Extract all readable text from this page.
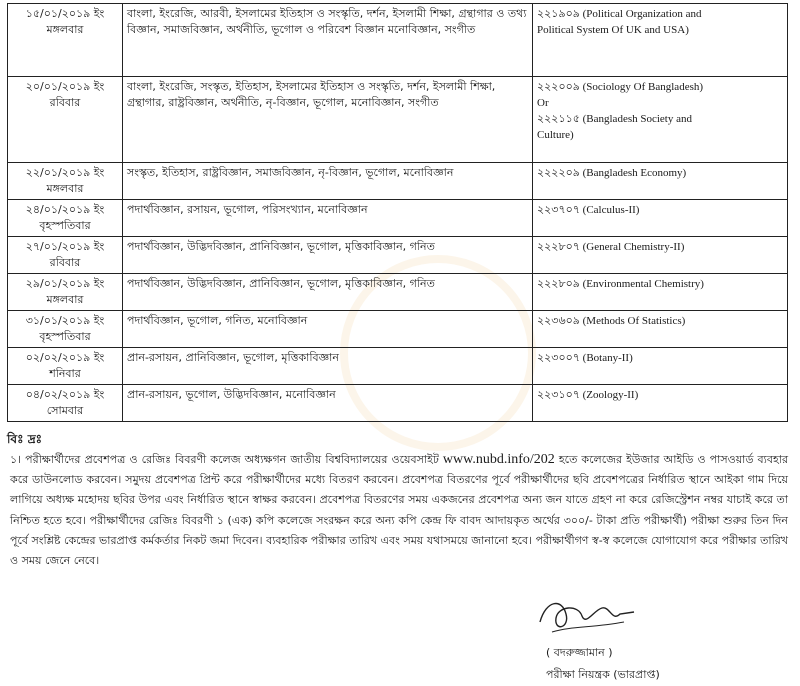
১৫/০১/২০১৯ ইং
মঙ্গলবার	বাংলা, ইংরেজি, আরবী, ইসলামের ইতিহাস ও সংস্কৃতি, দর্শন, ইসলামী শিক্ষা, গ্রন্থাগার ও তথ্য বিজ্ঞান, সমাজবিজ্ঞান, অর্থনীতি, ভূগোল ও পরিবেশ বিজ্ঞান মনোবিজ্ঞান, সংগীত	২২১৯০৯ (Political Organization and
Political System Of UK and USA)

২০/০১/২০১৯ ইং
রবিবার	বাংলা, ইংরেজি, সংস্কৃত, ইতিহাস, ইসলামের ইতিহাস ও সংস্কৃতি, দর্শন, ইসলামী শিক্ষা, গ্রন্থাগার, রাষ্ট্রবিজ্ঞান, অর্থনীতি, নৃ-বিজ্ঞান, ভূগোল, মনোবিজ্ঞান, সংগীত	২২২০০৯ (Sociology Of Bangladesh)
Or
২২২১১৫ (Bangladesh Society and
Culture)

২২/০১/২০১৯ ইং
মঙ্গলবার	সংস্কৃত, ইতিহাস, রাষ্ট্রবিজ্ঞান, সমাজবিজ্ঞান, নৃ-বিজ্ঞান, ভূগোল, মনোবিজ্ঞান	২২২২০৯ (Bangladesh Economy)

২৪/০১/২০১৯ ইং
বৃহস্পতিবার	পদার্থবিজ্ঞান, রসায়ন, ভূগোল, পরিসংখ্যান, মনোবিজ্ঞান	২২৩৭০৭ (Calculus-II)

২৭/০১/২০১৯ ইং
রবিবার	পদার্থবিজ্ঞান, উদ্ভিদবিজ্ঞান, প্রানিবিজ্ঞান, ভূগোল, মৃত্তিকাবিজ্ঞান, গনিত	২২২৮০৭ (General Chemistry-II)

২৯/০১/২০১৯ ইং
মঙ্গলবার	পদার্থবিজ্ঞান, উদ্ভিদবিজ্ঞান, প্রানিবিজ্ঞান, ভূগোল, মৃত্তিকাবিজ্ঞান, গনিত	২২২৮০৯ (Environmental Chemistry)

৩১/০১/২০১৯ ইং
বৃহস্পতিবার	পদার্থবিজ্ঞান, ভূগোল, গনিত, মনোবিজ্ঞান	২২৩৬০৯ (Methods Of Statistics)

০২/০২/২০১৯ ইং
শনিবার	প্রান-রসায়ন, প্রানিবিজ্ঞান, ভূগোল, মৃত্তিকাবিজ্ঞান	২২৩০০৭ (Botany-II)

০৪/০২/২০১৯ ইং
সোমবার	প্রান-রসায়ন, ভূগোল, উদ্ভিদবিজ্ঞান, মনোবিজ্ঞান	২২৩১০৭ (Zoology-II)
বিঃ দ্রঃ
১। পরীক্ষার্থীদের প্রবেশপত্র ও রেজিঃ বিবরণী কলেজ অধ্যক্ষগন জাতীয় বিশ্ববিদ্যালয়ের ওয়েবসাইট www.nubd.info/202 হতে কলেজের ইউজার আইডি ও পাসওয়ার্ড ব্যবহার করে ডাউনলোড করবেন। সমুদয় প্রবেশপত্র প্রিন্ট করে পরীক্ষার্থীদের মধ্যে বিতরণ করবেন। প্রবেশপত্র বিতরণের পূর্বে পরীক্ষার্থীদের ছবি প্রবেশপত্রের নির্ধারিত স্থানে আইকা গাম দিয়ে লাগিয়ে অধ্যক্ষ মহোদয় ছবির উপর এবং নির্ধারিত স্থানে স্বাক্ষর করবেন। প্রবেশপত্র বিতরণের সময় একজনের প্রবেশপত্র অন্য জন যাতে গ্রহণ না করে রেজিস্ট্রেশন নম্বর যাচাই করে তা নিশ্চিত হতে হবে। পরীক্ষার্থীদের রেজিঃ বিবরণী ১ (এক) কপি কলেজে সংরক্ষন করে অন্য কপি কেন্দ্র ফি বাবদ আদায়কৃত অর্থের ৩০০/- টাকা প্রতি পরীক্ষার্থী) পরীক্ষা শুরুর তিন দিন পূর্বে সংশ্লিষ্ট কেন্দ্রের ভারপ্রাপ্ত কর্মকর্তার নিকট জমা দিবেন। ব্যবহারিক পরীক্ষার তারিখ এবং সময় যথাসময়ে জানানো হবে। পরীক্ষার্থীগণ স্ব-স্ব কলেজে যোগাযোগ করে পরীক্ষার তারিখ ও সময় জেনে নেবে।
( বদরুজ্জামান )
পরীক্ষা নিয়ন্ত্রক (ভারপ্রাপ্ত)
